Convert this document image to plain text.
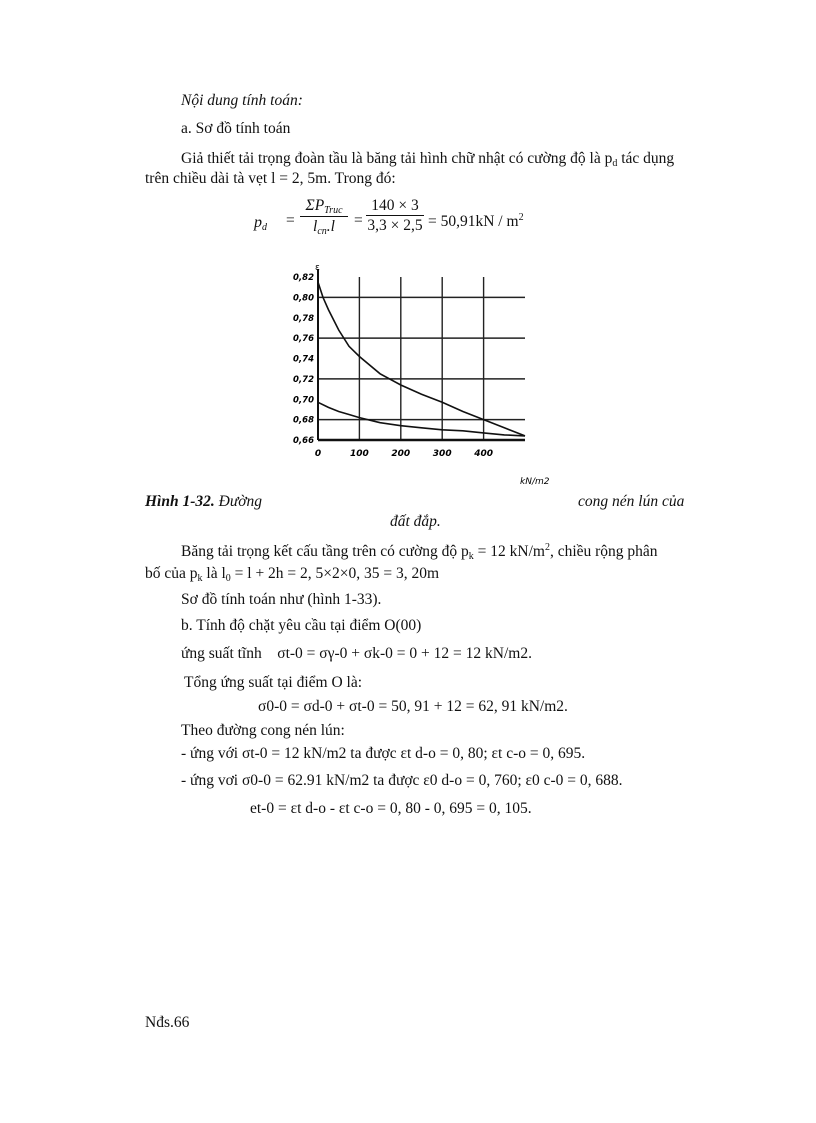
Nội dung tính toán:
a. Sơ đồ tính toán
Giả thiết tải trọng đoàn tầu là băng tải hình chữ nhật có cường độ là $p_d$ tác dụng
trên chiều dài tà vẹt l = 2, 5m. Trong đó:
$p_d$ =
$\Sigma P_{Truc}$
$l_{cn}.l$	=
140 × 3
$3,3 \times 2,5 = 50,91kN / m^2$
0,82
0,80
0,78
0,76
0,74
0,72
0,70
0,68
0,66
0	100	200	300	400
kN/m2
ε
Hình 1-32. Đường	cong nén lún của
đất đắp.
Băng tải trọng kết cấu tầng trên có cường độ $p_k = 12$ $kN/m^2$, chiều rộng phân
bố của $p_k$ là $l_0 = l + 2h = 2$, 5×2×0, 35 = 3, 20m
Sơ đồ tính toán như (hình 1-33).
b. Tính độ chặt yêu cầu tại điểm O(00)
ứng suất tĩnh σt-0 = σγ-0 + σk-0 = 0 + 12 = 12 kN/m2.
Tổng ứng suất tại điểm O là:
σ0-0 = σd-0 + σt-0 = 50, 91 + 12 = 62, 91 kN/m2.
Theo đường cong nén lún:
- ứng với σt-0 = 12 kN/m2 ta được εt d-o = 0, 80; εt c-o = 0, 695.
- ứng vơi σ0-0 = 62.91 kN/m2 ta được ε0 d-o = 0, 760; ε0 c-0 = 0, 688.
et-0 = εt d-o - εt c-o = 0, 80 - 0, 695 = 0, 105.
Nđs.66
